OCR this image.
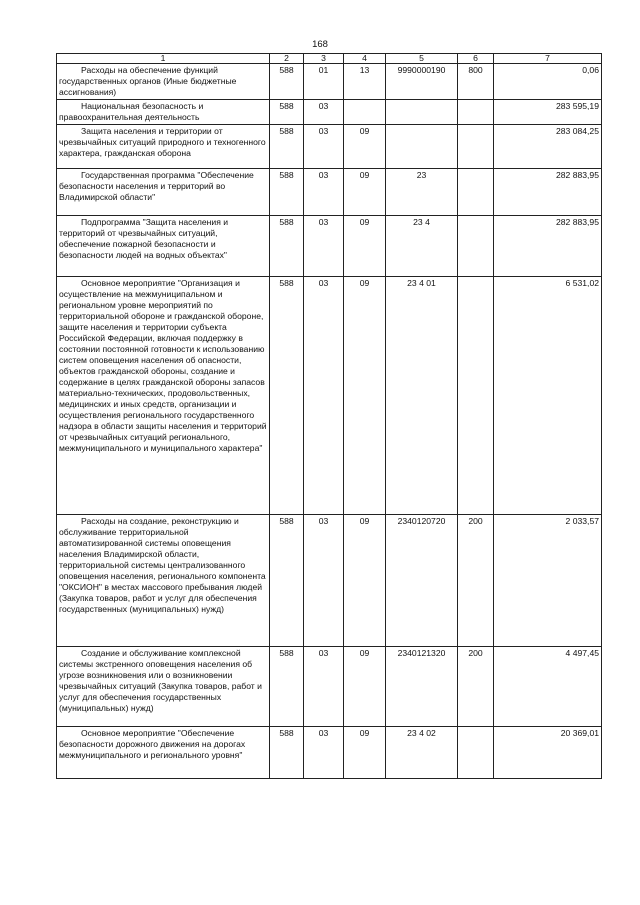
168
1	2	3	4	5	6	7
Расходы на обеспечение функций государственных органов (Иные бюджетные ассигнования)	588	01	13	9990000190	800	0,06
Национальная безопасность и правоохранительная деятельность	588	03				283 595,19
Защита населения и территории от чрезвычайных ситуаций природного и техногенного характера, гражданская оборона	588	03	09			283 084,25
Государственная программа "Обеспечение безопасности населения и территорий во Владимирской области"	588	03	09	23		282 883,95
Подпрограмма "Защита населения и территорий от чрезвычайных ситуаций, обеспечение пожарной безопасности и безопасности людей на водных объектах"	588	03	09	23 4		282 883,95
Основное мероприятие "Организация и осуществление на межмуниципальном и региональном уровне мероприятий по территориальной обороне и гражданской обороне, защите населения и территории субъекта Российской Федерации, включая поддержку в состоянии постоянной готовности к использованию систем оповещения населения об опасности, объектов гражданской обороны, создание и содержание в целях гражданской обороны запасов материально-технических, продовольственных, медицинских и иных средств, организации и осуществления регионального государственного надзора в области защиты населения и территорий от чрезвычайных ситуаций регионального, межмуниципального и муниципального характера"	588	03	09	23 4 01		6 531,02
Расходы на создание, реконструкцию и обслуживание территориальной автоматизированной системы оповещения населения Владимирской области, территориальной системы централизованного оповещения населения, регионального компонента "ОКСИОН" в местах массового пребывания людей (Закупка товаров, работ и услуг для обеспечения государственных (муниципальных) нужд)	588	03	09	2340120720	200	2 033,57
Создание и обслуживание комплексной системы экстренного оповещения населения об угрозе возникновения или о возникновении чрезвычайных ситуаций (Закупка товаров, работ и услуг для обеспечения государственных (муниципальных) нужд)	588	03	09	2340121320	200	4 497,45
Основное мероприятие "Обеспечение безопасности дорожного движения на дорогах межмуниципального и регионального уровня"	588	03	09	23 4 02		20 369,01
